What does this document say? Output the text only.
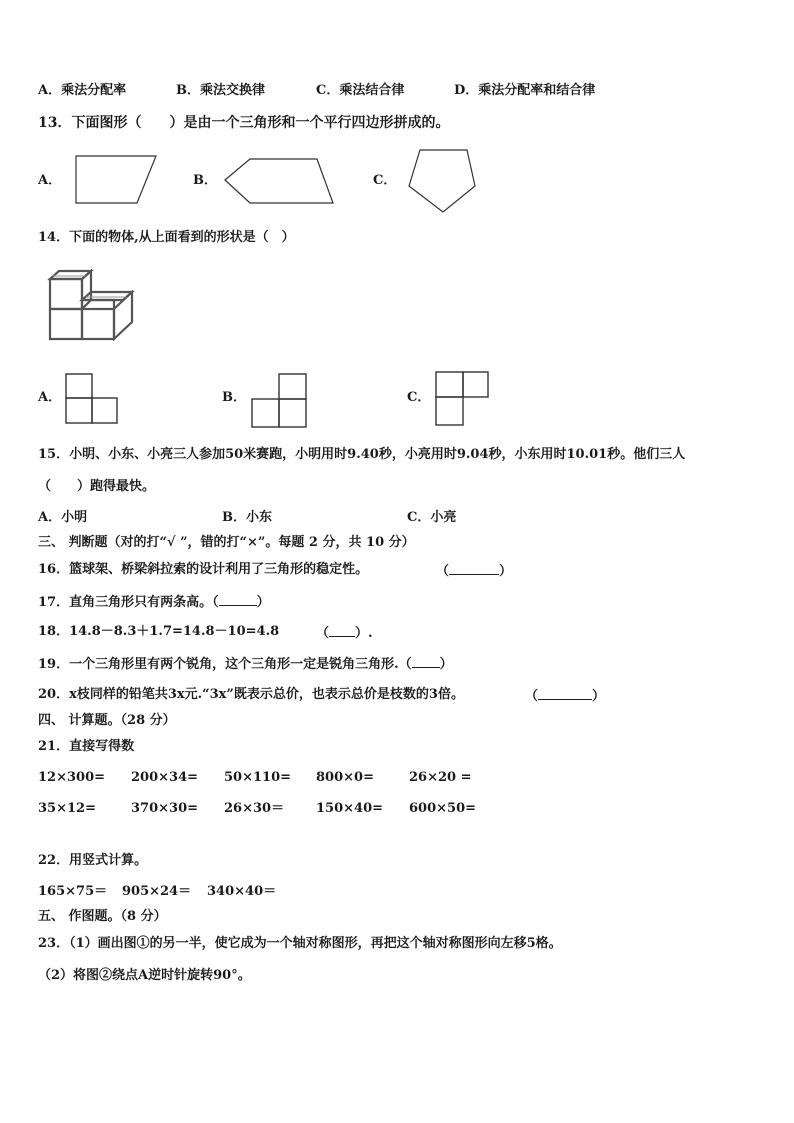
A．乘法分配率	B．乘法交换律	C．乘法结合律	D．乘法分配率和结合律
13．下面图形（　　）是由一个三角形和一个平行四边形拼成的。
A．	B．	C．
14．下面的物体,从上面看到的形状是（　）
A．	B．	C．
15．小明、小东、小亮三人参加50米赛跑，小明用时9.40秒，小亮用时9.04秒，小东用时10.01秒。他们三人
（　　）跑得最快。
A．小明	B．小东	C．小亮
三、 判断题（对的打“√ ”，错的打“×”。每题 2 分，共 10 分）
16．篮球架、桥梁斜拉索的设计利用了三角形的稳定性。	（	）
17．直角三角形只有两条高。（	）
18．14.8－8.3＋1.7=14.8－10=4.8	（ ）.
19．一个三角形里有两个锐角，这个三角形一定是锐角三角形.（ ）
20．x枝同样的铅笔共3x元.“3x”既表示总价，也表示总价是枝数的3倍。	（	）
四、 计算题。（28 分）
21．直接写得数
12×300= 200×34= 50×110= 800×0=	26×20 =
35×12=	370×30= 26×30＝ 150×40= 600×50=
22．用竖式计算。
165×75＝ 905×24＝ 340×40＝
五、 作图题。（8 分）
23．（1）画出图①的另一半，使它成为一个轴对称图形，再把这个轴对称图形向左移5格。
（2）将图②绕点A逆时针旋转90°。
